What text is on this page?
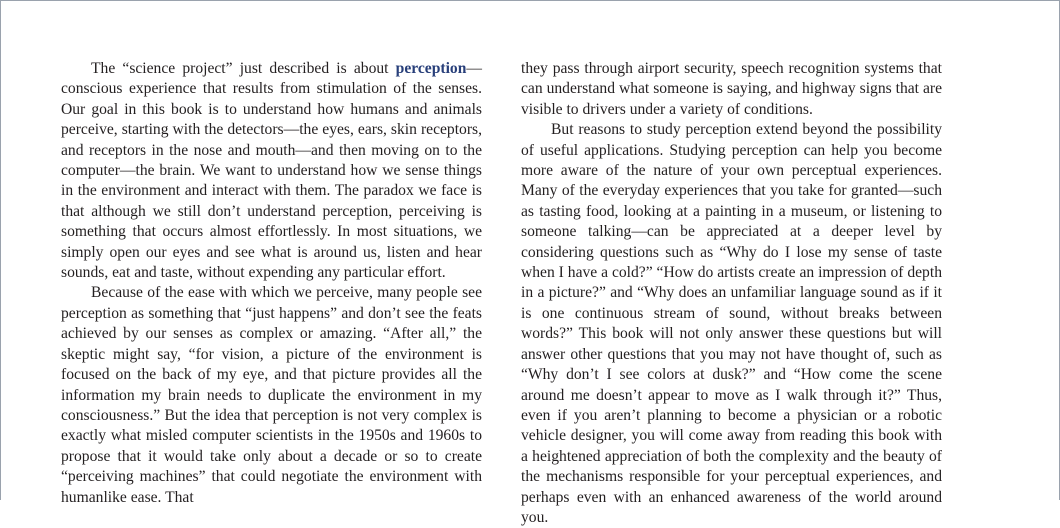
The “science project” just described is about perception—conscious experience that results from stimulation of the senses. Our goal in this book is to understand how humans and animals perceive, starting with the detectors—the eyes, ears, skin receptors, and receptors in the nose and mouth—and then moving on to the computer—the brain. We want to understand how we sense things in the environment and interact with them. The paradox we face is that although we still don’t understand perception, perceiving is something that occurs almost effortlessly. In most situations, we simply open our eyes and see what is around us, listen and hear sounds, eat and taste, without expending any particular effort.

Because of the ease with which we perceive, many people see perception as something that “just happens” and don’t see the feats achieved by our senses as complex or amazing. “After all,” the skeptic might say, “for vision, a picture of the environment is focused on the back of my eye, and that picture provides all the information my brain needs to duplicate the environment in my consciousness.” But the idea that perception is not very complex is exactly what misled computer scientists in the 1950s and 1960s to propose that it would take only about a decade or so to create “perceiving machines” that could negotiate the environment with humanlike ease. That

they pass through airport security, speech recognition systems that can understand what someone is saying, and highway signs that are visible to drivers under a variety of conditions.

But reasons to study perception extend beyond the possibility of useful applications. Studying perception can help you become more aware of the nature of your own perceptual experiences. Many of the everyday experiences that you take for granted—such as tasting food, looking at a painting in a museum, or listening to someone talking—can be appreciated at a deeper level by considering questions such as “Why do I lose my sense of taste when I have a cold?” “How do artists create an impression of depth in a picture?” and “Why does an unfamiliar language sound as if it is one continuous stream of sound, without breaks between words?” This book will not only answer these questions but will answer other questions that you may not have thought of, such as “Why don’t I see colors at dusk?” and “How come the scene around me doesn’t appear to move as I walk through it?” Thus, even if you aren’t planning to become a physician or a robotic vehicle designer, you will come away from reading this book with a heightened appreciation of both the complexity and the beauty of the mechanisms responsible for your perceptual experiences, and perhaps even with an enhanced awareness of the world around you.
